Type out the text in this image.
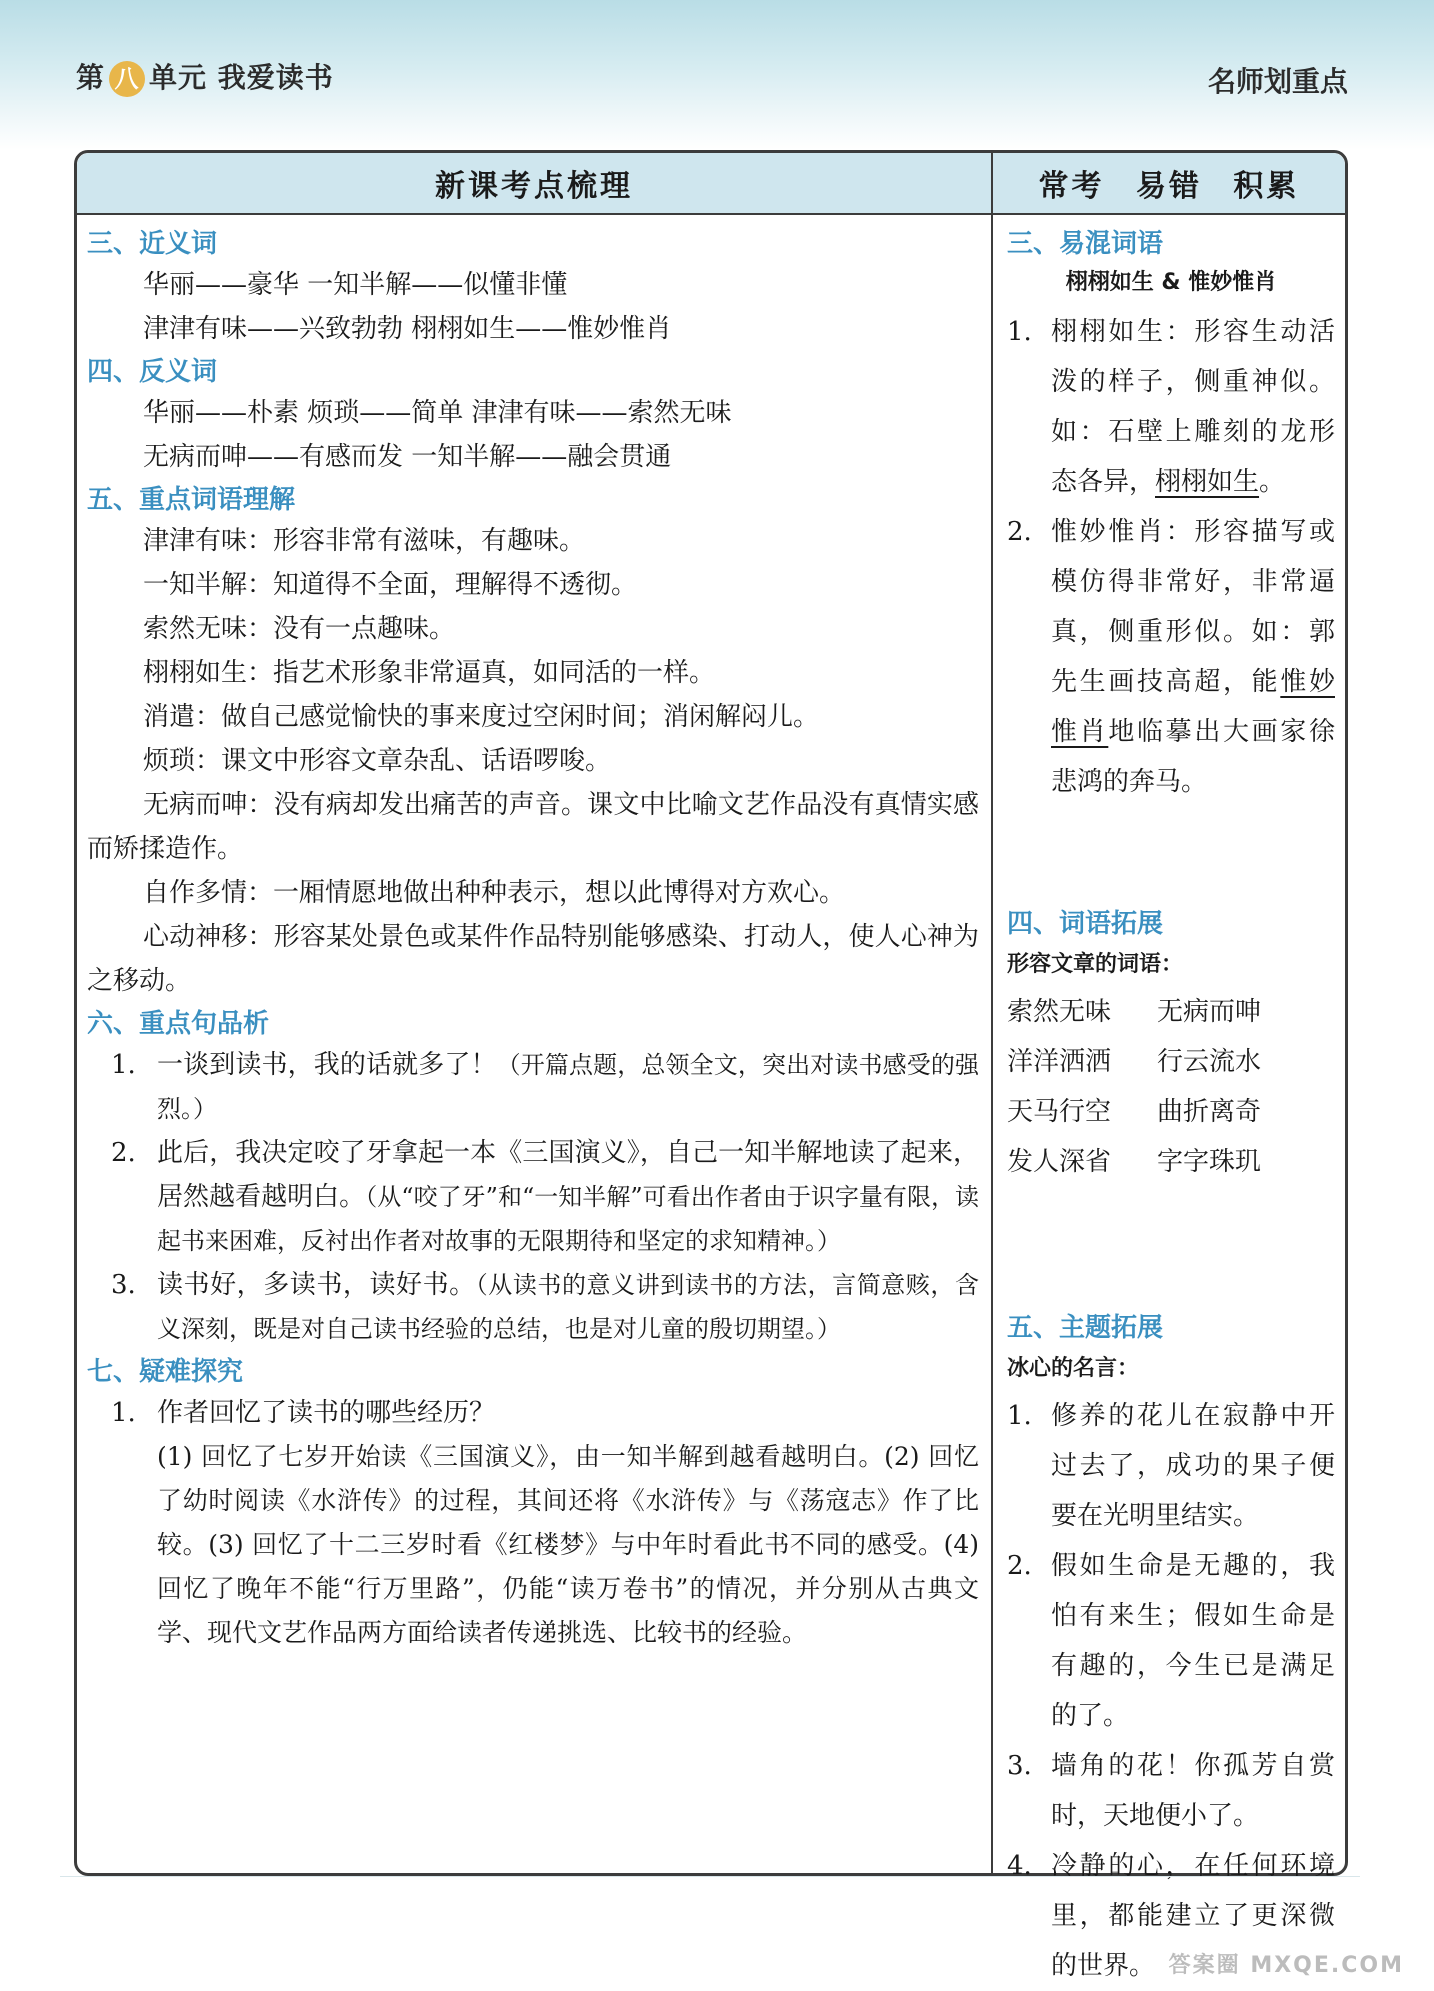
第 八 单元 我爱读书	名师划重点
新课考点梳理	常考 易错 积累
三、近义词
华丽——豪华 一知半解——似懂非懂
津津有味——兴致勃勃 栩栩如生——惟妙惟肖
四、反义词
华丽——朴素 烦琐——简单 津津有味——索然无味
无病而呻——有感而发 一知半解——融会贯通
五、重点词语理解
津津有味：形容非常有滋味，有趣味。
一知半解：知道得不全面，理解得不透彻。
索然无味：没有一点趣味。
栩栩如生：指艺术形象非常逼真，如同活的一样。
消遣：做自己感觉愉快的事来度过空闲时间；消闲解闷儿。
烦琐：课文中形容文章杂乱、话语啰唆。
无病而呻：没有病却发出痛苦的声音。课文中比喻文艺作品没有真情实感而矫揉造作。
自作多情：一厢情愿地做出种种表示，想以此博得对方欢心。
心动神移：形容某处景色或某件作品特别能够感染、打动人，使人心神为之移动。
六、重点句品析
1. 一谈到读书，我的话就多了！（开篇点题，总领全文，突出对读书感受的强烈。）
2. 此后，我决定咬了牙拿起一本《三国演义》，自己一知半解地读了起来，居然越看越明白。（从“咬了牙”和“一知半解”可看出作者由于识字量有限，读起书来困难，反衬出作者对故事的无限期待和坚定的求知精神。）
3. 读书好，多读书，读好书。（从读书的意义讲到读书的方法，言简意赅，含义深刻，既是对自己读书经验的总结，也是对儿童的殷切期望。）
七、疑难探究
1. 作者回忆了读书的哪些经历？
(1) 回忆了七岁开始读《三国演义》，由一知半解到越看越明白。(2) 回忆了幼时阅读《水浒传》的过程，其间还将《水浒传》与《荡寇志》作了比较。(3) 回忆了十二三岁时看《红楼梦》与中年时看此书不同的感受。(4) 回忆了晚年不能“行万里路”，仍能“读万卷书”的情况，并分别从古典文学、现代文艺作品两方面给读者传递挑选、比较书的经验。
三、易混词语
栩栩如生 & 惟妙惟肖
1. 栩栩如生：形容生动活泼的样子，侧重神似。如：石壁上雕刻的龙形态各异，栩栩如生。
2. 惟妙惟肖：形容描写或模仿得非常好，非常逼真，侧重形似。如：郭先生画技高超，能惟妙惟肖地临摹出大画家徐悲鸿的奔马。
四、词语拓展
形容文章的词语：
索然无味 无病而呻
洋洋洒洒 行云流水
天马行空 曲折离奇
发人深省 字字珠玑
五、主题拓展
冰心的名言：
1. 修养的花儿在寂静中开过去了，成功的果子便要在光明里结实。
2. 假如生命是无趣的，我怕有来生；假如生命是有趣的，今生已是满足的了。
3. 墙角的花！你孤芳自赏时，天地便小了。
4. 冷静的心，在任何环境里，都能建立了更深微的世界。 答案圈 MXQE.COM
